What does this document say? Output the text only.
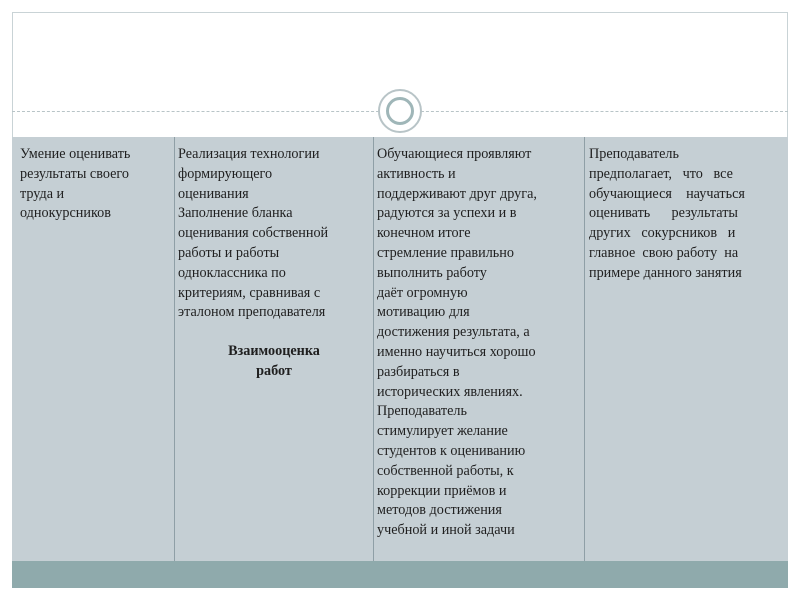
Умение оценивать
результаты своего
труда и
однокурсников
Реализация технологии
формирующего
оценивания
Заполнение бланка
оценивания собственной
работы и работы
одноклассника по
критериям, сравнивая с
эталоном преподавателя
Взаимооценка
работ
Обучающиеся проявляют
активность и
поддерживают друг друга,
радуются за успехи и в
конечном итоге
стремление правильно
выполнить работу
даёт огромную
мотивацию для
достижения результата, а
именно научиться хорошо
разбираться в
исторических явлениях.
Преподаватель
стимулирует желание
студентов к оцениванию
собственной работы, к
коррекции приёмов и
методов достижения
учебной и иной задачи
Преподаватель
предполагает,   что   все
обучающиеся    научаться
оценивать      результаты
других   сокурсников   и
главное  свою работу  на
примере данного занятия
